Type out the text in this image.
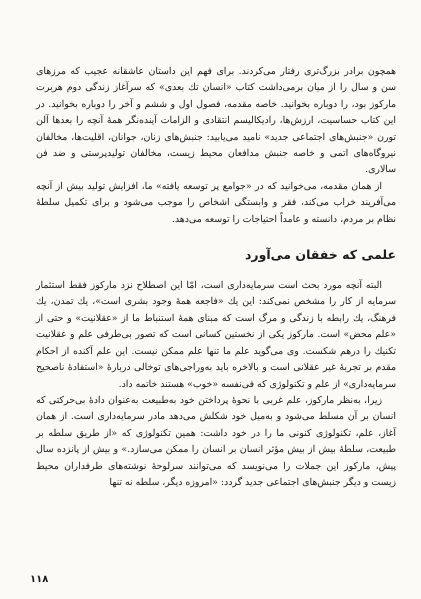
همچون برادر بزرگ‌تری رفتار می‌کردند. برای فهم این داستان عاشقانه عجیب که مرزهای سن و سال را از میان برمی‌داشت کتاب «انسان تك بعدی» که سرآغاز زندگی دوم هربرت مارکوز بود، را دوباره بخوانید. خاصه مقدمه، فصول اول و ششم و آخر را دوباره بخوانید. در این کتاب حساسیت، ارزش‌ها، رادیکالیسم انتقادی و الزامات آینده‌نگر همهٔ آنچه را بعدها آلن تورن «جنبش‌های اجتماعی جدید» نامید می‌یابید: جنبش‌های زنان، جوانان، اقلیت‌ها، مخالفان نیروگاه‌های اتمی و خاصه جنبش مدافعان محیط زیست، مخالفان تولیدپرستی و ضد فن سالاری.

از همان مقدمه، می‌خوانید که در «جوامع پر توسعه یافته» ما، افزایش تولید بیش از آنچه می‌آفریند خراب می‌کند، فقر و وابستگی اشخاص را موجب می‌شود و برای تکمیل سلطهٔ نظام بر مردم، دانسته و عامداً احتیاجات را توسعه می‌دهد.

علمی که خفقان می‌آورد

البته آنچه مورد بحث است سرمایه‌داری است، امّا این اصطلاح نزد مارکوز فقط استثمار سرمایه از کار را مشخص نمی‌کند: این یك «فاجعه همهٔ وجود بشری است»، یك تمدن، یك فرهنگ، یك رابطه با زندگی و مرگ است که مبنای همهٔ استنباط ما از «عقلانیت» و حتی از «علم محض» است. مارکوز یکی از نخستین کسانی است که تصور بی‌طرفی علم و عقلانیت تکنیك را درهم شکست. وی می‌گوید علم ما تنها علم ممکن نیست. این علم آکنده از احکام مقدم بر تجربهٔ غیر عقلانی است و بالاخره باید به‌وراجی‌های توخالی دربارهٔ «استفادهٔ ناصحیح سرمایه‌داری» از علم و تکنولوژی که فی‌نفسه «خوب» هستند خاتمه داد.

زیرا، به‌نظر مارکوز، علم غربی با نحوهٔ پرداختن خود به‌طبیعت به‌عنوان دادهٔ بی‌حرکتی که انسان بر آن مسلط می‌شود و به‌میل خود شکلش می‌دهد مادر سرمایه‌داری است. از همان آغاز، علم، تکنولوژی کنونی ما را در خود داشت: همین تکنولوژی که «از طریق سلطه بر طبیعت، سلطهٔ بیش از بیش مؤثر انسان بر انسان را ممکن می‌سازد.» و بیش از پانزده سال پیش، مارکوز این جملات را می‌نویسد که می‌توانند سرلوحهٔ نوشته‌های طرفداران محیط زیست و دیگر جنبش‌های اجتماعی جدید گردد: «امروزه دیگر، سلطه نه تنها

۱۱۸
